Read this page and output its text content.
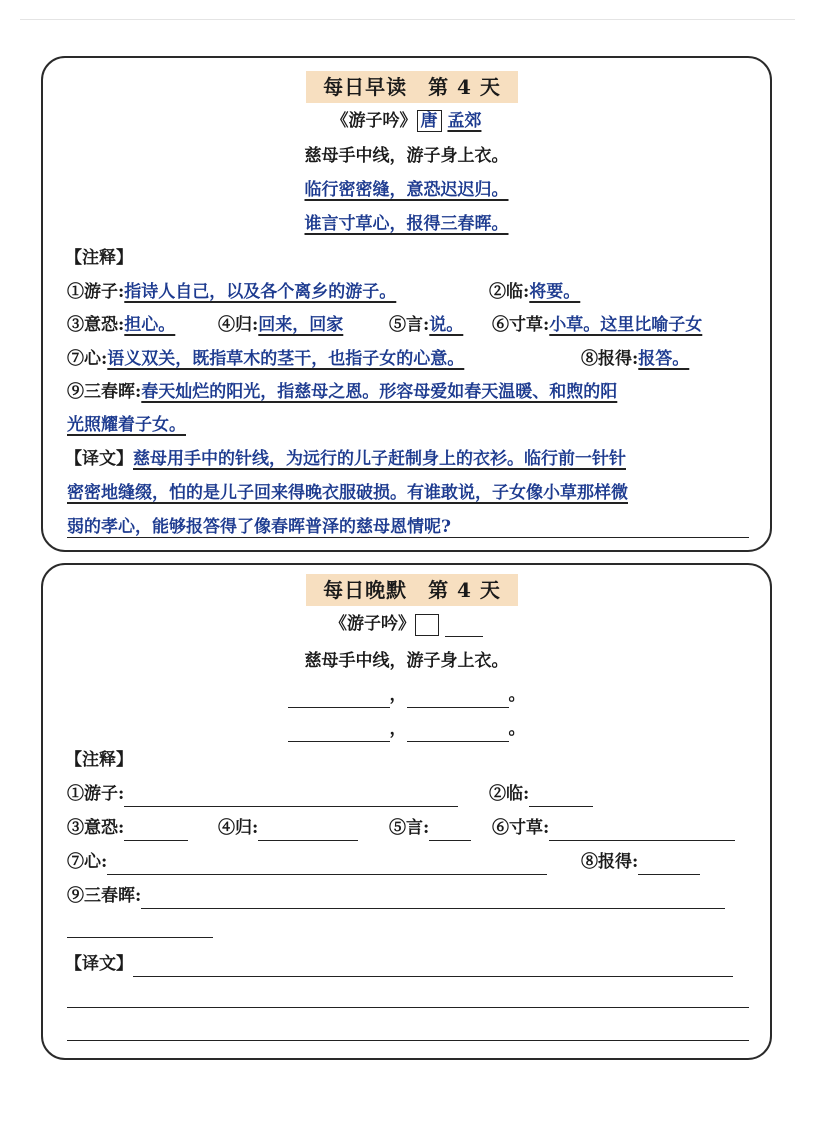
每日早读　第 4 天
《游子吟》 唐 孟郊
慈母手中线，游子身上衣。
临行密密缝，意恐迟迟归。
谁言寸草心，报得三春晖。
【注释】
①游子:指诗人自己，以及各个离乡的游子。	②临:将要。
③意恐:担心。	④归:回来，回家	⑤言:说。 ⑥寸草:小草。这里比喻子女
⑦心:语义双关，既指草木的茎干，也指子女的心意。	⑧报得:报答。
⑨三春晖:春天灿烂的阳光，指慈母之恩。形容母爱如春天温暖、和煦的阳
光照耀着子女。
【译文】慈母用手中的针线，为远行的儿子赶制身上的衣衫。临行前一针针
密密地缝缀，怕的是儿子回来得晚衣服破损。有谁敢说，子女像小草那样微
弱的孝心，能够报答得了像春晖普泽的慈母恩情呢?
每日晚默　第 4 天
《游子吟》
慈母手中线，游子身上衣。
，	。
，	。
【注释】
①游子:	②临:
③意恐:	④归:	⑤言:	⑥寸草:
⑦心:	⑧报得:
⑨三春晖:
【译文】
